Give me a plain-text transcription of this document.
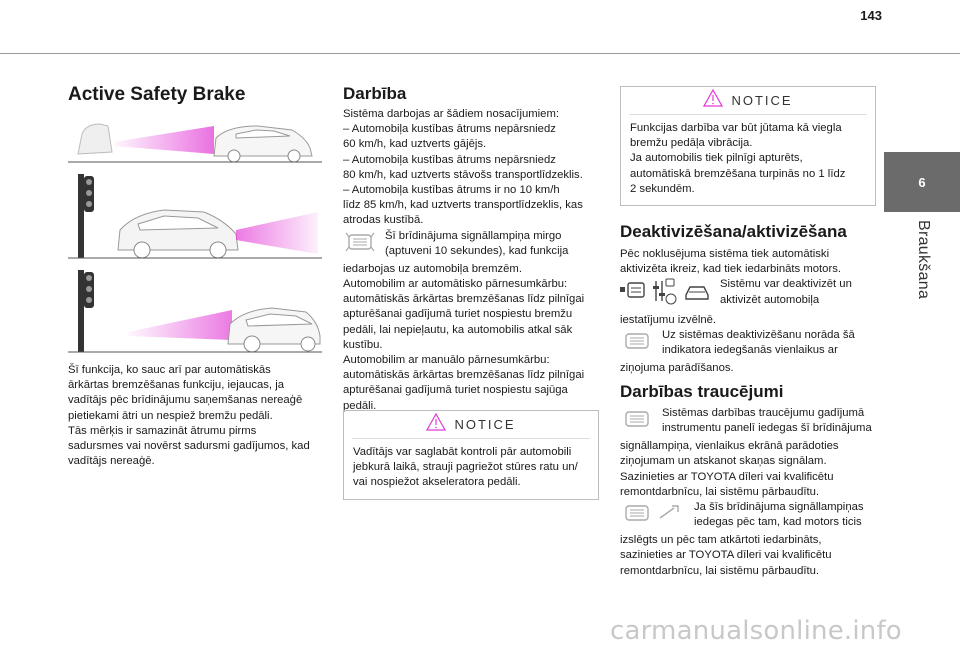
143
6
Braukšana
Active Safety Brake

Šī funkcija, ko sauc arī par automātiskās

ārkārtas bremzēšanas funkciju, iejaucas, ja

vadītājs pēc brīdinājumu saņemšanas nereaģē

pietiekami ātri un nespiež bremžu pedāli.

Tās mērķis ir samazināt ātrumu pirms

sadursmes vai novērst sadursmi gadījumos, kad

vadītājs nereaģē.

Darbība

Sistēma darbojas ar šādiem nosacījumiem:

– Automobiļa kustības ātrums nepārsniedz

60 km/h, kad uztverts gājējs.

– Automobiļa kustības ātrums nepārsniedz

80 km/h, kad uztverts stāvošs transportlīdzeklis.

– Automobiļa kustības ātrums ir no 10 km/h

līdz 85 km/h, kad uztverts transportlīdzeklis, kas

atrodas kustībā.

Šī brīdinājuma signāllampiņa mirgo

(aptuveni 10 sekundes), kad funkcija

iedarbojas uz automobiļa bremzēm.

Automobilim ar automātisko pārnesumkārbu:

automātiskās ārkārtas bremzēšanas līdz pilnīgai

apturēšanai gadījumā turiet nospiestu bremžu

pedāli, lai nepieļautu, ka automobilis atkal sāk

kustību.

Automobilim ar manuālo pārnesumkārbu:

automātiskās ārkārtas bremzēšanas līdz pilnīgai

apturēšanai gadījumā turiet nospiestu sajūga

pedāli.

NOTICE

Vadītājs var saglabāt kontroli pār automobili

jebkurā laikā, strauji pagriežot stūres ratu un/

vai nospiežot akseleratora pedāli.

NOTICE

Funkcijas darbība var būt jūtama kā viegla

bremžu pedāļa vibrācija.

Ja automobilis tiek pilnīgi apturēts,

automātiskā bremzēšana turpinās no 1 līdz

2 sekundēm.

Deaktivizēšana/aktivizēšana

Pēc noklusējuma sistēma tiek automātiski

aktivizēta ikreiz, kad tiek iedarbināts motors.

Sistēmu var deaktivizēt un

aktivizēt automobiļa

iestatījumu izvēlnē.

Uz sistēmas deaktivizēšanu norāda šā

indikatora iedegšanās vienlaikus ar

ziņojuma parādīšanos.

Darbības traucējumi

Sistēmas darbības traucējumu gadījumā

instrumentu panelī iedegas šī brīdinājuma

signāllampiņa, vienlaikus ekrānā parādoties

ziņojumam un atskanot skaņas signālam.

Sazinieties ar TOYOTA dīleri vai kvalificētu

remontdarbnīcu, lai sistēmu pārbaudītu.

Ja šīs brīdinājuma signāllampiņas

iedegas pēc tam, kad motors ticis

izslēgts un pēc tam atkārtoti iedarbināts,

sazinieties ar TOYOTA dīleri vai kvalificētu

remontdarbnīcu, lai sistēmu pārbaudītu.

carmanualsonline.info
